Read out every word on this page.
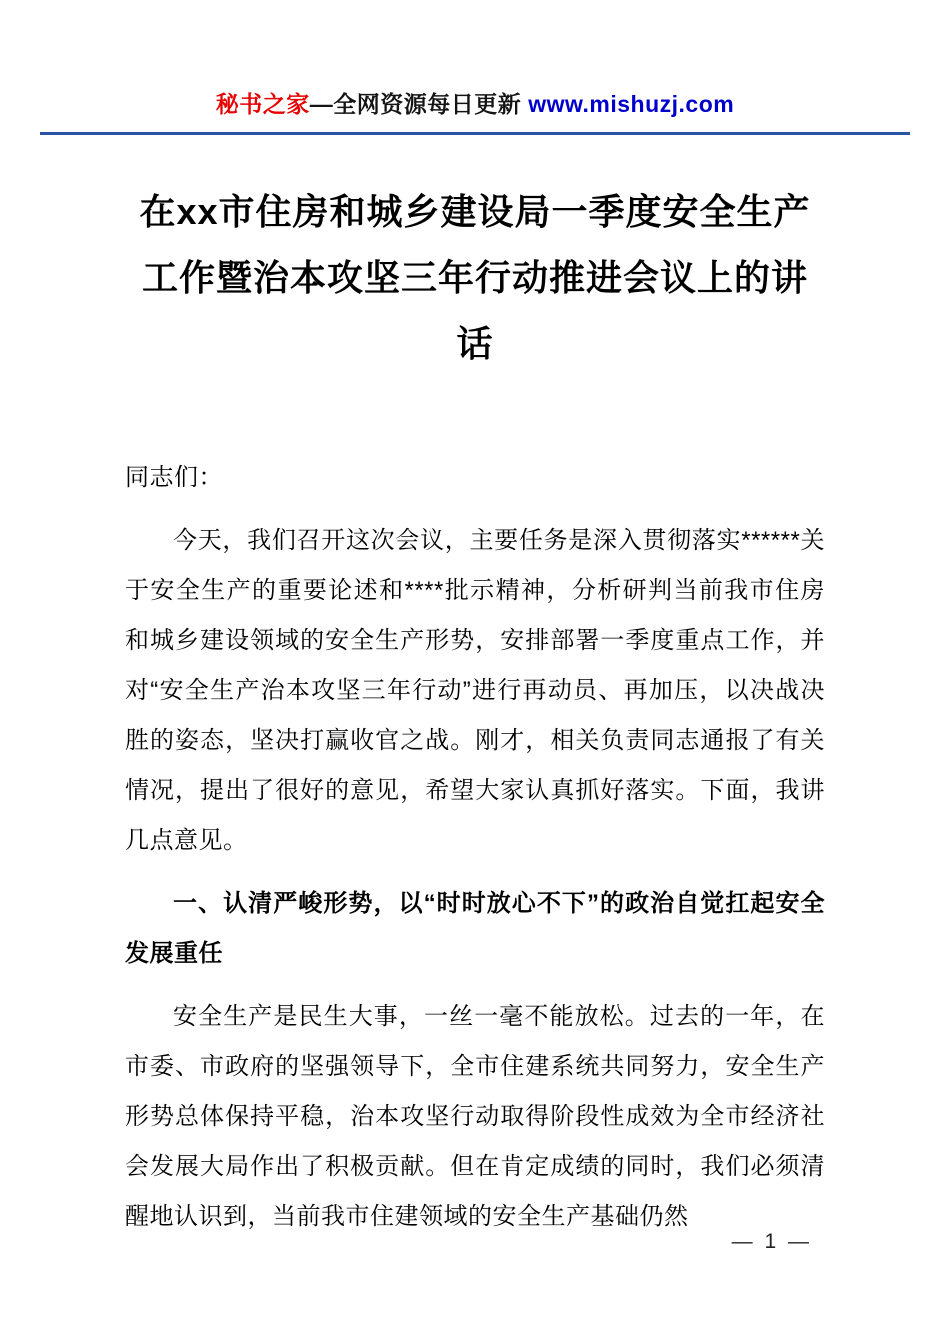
秘书之家—全网资源每日更新 www.mishuzj.com
在xx市住房和城乡建设局一季度安全生产
工作暨治本攻坚三年行动推进会议上的讲话

同志们：

今天，我们召开这次会议，主要任务是深入贯彻落实******关于安全生产的重要论述和****批示精神，分析研判当前我市住房和城乡建设领域的安全生产形势，安排部署一季度重点工作，并对“安全生产治本攻坚三年行动”进行再动员、再加压，以决战决胜的姿态，坚决打赢收官之战。刚才，相关负责同志通报了有关情况，提出了很好的意见，希望大家认真抓好落实。下面，我讲几点意见。

一、认清严峻形势，以“时时放心不下”的政治自觉扛起安全发展重任

安全生产是民生大事，一丝一毫不能放松。过去的一年，在市委、市政府的坚强领导下，全市住建系统共同努力，安全生产形势总体保持平稳，治本攻坚行动取得阶段性成效为全市经济社会发展大局作出了积极贡献。但在肯定成绩的同时，我们必须清醒地认识到，当前我市住建领域的安全生产基础仍然

— 1 —
